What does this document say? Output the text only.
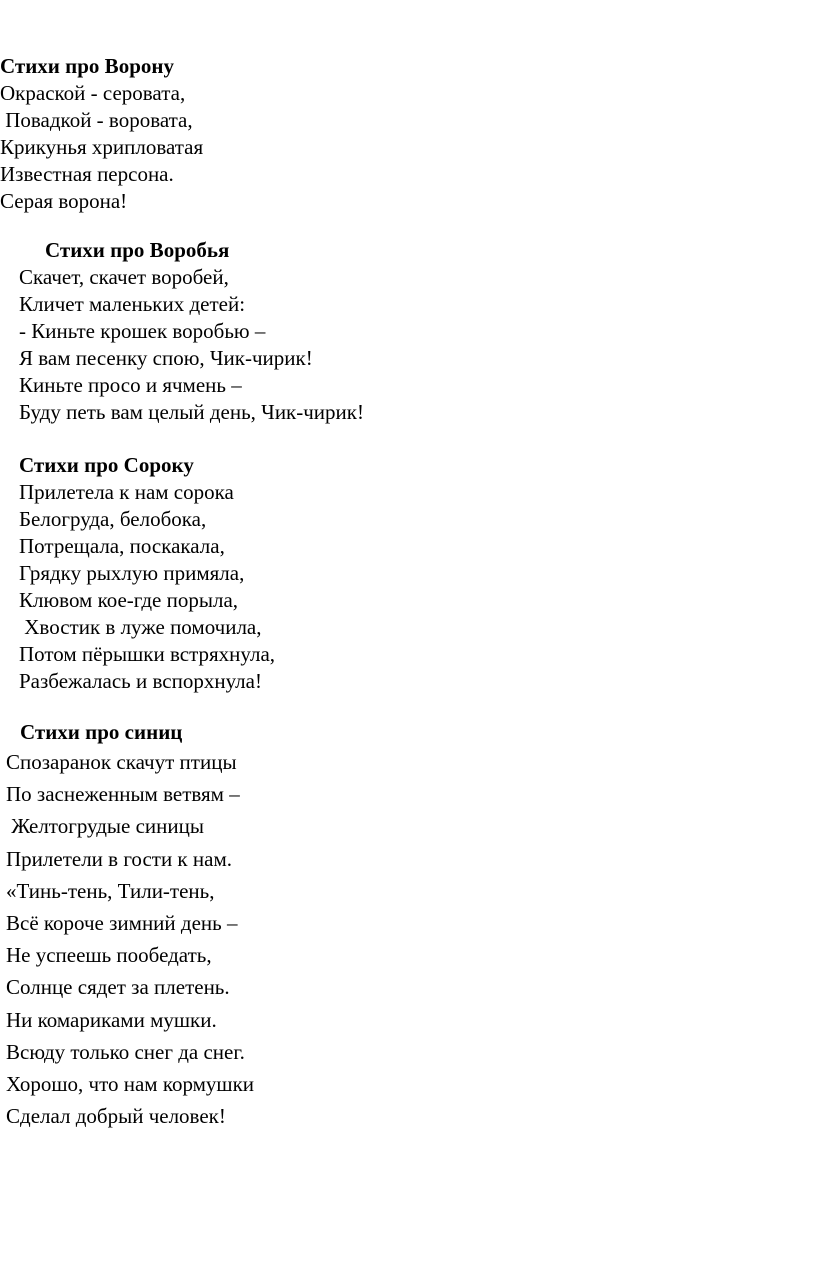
Стихи про Ворону
Окраской - серовата,
Повадкой - воровата,
Крикунья хрипловатая
Известная персона.
Серая ворона!
Стихи про Воробья
Скачет, скачет воробей,
Кличет маленьких детей:
- Киньте крошек воробью –
Я вам песенку спою, Чик-чирик!
Киньте просо и ячмень –
Буду петь вам целый день, Чик-чирик!
Стихи про Сороку
Прилетела к нам сорока
Белогруда, белобока,
Потрещала, поскакала,
Грядку рыхлую примяла,
Клювом кое-где порыла,
Хвостик в луже помочила,
Потом пёрышки встряхнула,
Разбежалась и вспорхнула!
Стихи про синиц
Спозаранок скачут птицы
По заснеженным ветвям –
Желтогрудые синицы
Прилетели в гости к нам.
«Тинь-тень, Тили-тень,
Всё короче зимний день –
Не успеешь пообедать,
Солнце сядет за плетень.
Ни комариками мушки.
Всюду только снег да снег.
Хорошо, что нам кормушки
Сделал добрый человек!
